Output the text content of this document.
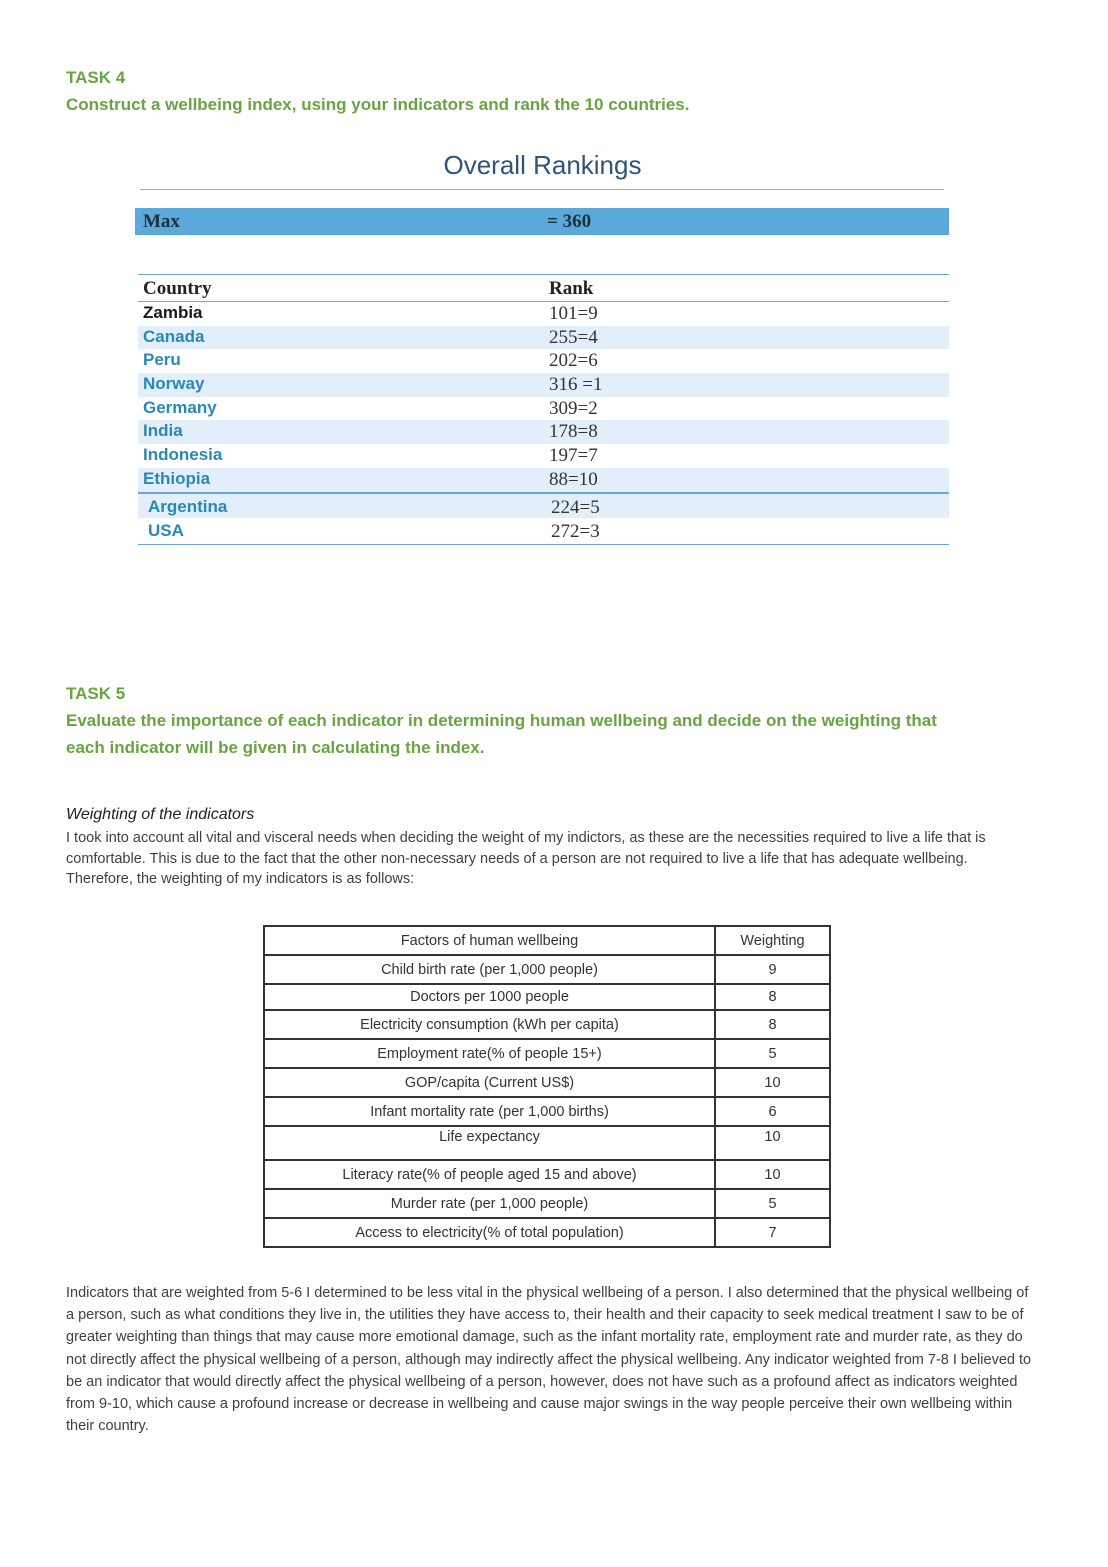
TASK 4
Construct a wellbeing index, using your indicators and rank the 10 countries.
Overall Rankings
Max	= 360
Country	Rank
Zambia	101=9
Canada	255=4
Peru	202=6
Norway	316 =1
Germany	309=2
India	178=8
Indonesia	197=7
Ethiopia	88=10
Argentina	224=5
USA	272=3
TASK 5
Evaluate the importance of each indicator in determining human wellbeing and decide on the weighting that
each indicator will be given in calculating the index.
Weighting of the indicators
I took into account all vital and visceral needs when deciding the weight of my indictors, as these are the necessities required to live a life that is comfortable. This is due to the fact that the other non-necessary needs of a person are not required to live a life that has adequate wellbeing. Therefore, the weighting of my indicators is as follows:
Factors of human wellbeing	Weighting
Child birth rate (per 1,000 people)	9
Doctors per 1000 people	8
Electricity consumption (kWh per capita)	8
Employment rate(% of people 15+)	5
GOP/capita (Current US$)	10
Infant mortality rate (per 1,000 births)	6
Life expectancy	10
Literacy rate(% of people aged 15 and above)	10
Murder rate (per 1,000 people)	5
Access to electricity(% of total population)	7
Indicators that are weighted from 5-6 I determined to be less vital in the physical wellbeing of a person. I also determined that the physical wellbeing of a person, such as what conditions they live in, the utilities they have access to, their health and their capacity to seek medical treatment I saw to be of greater weighting than things that may cause more emotional damage, such as the infant mortality rate, employment rate and murder rate, as they do not directly affect the physical wellbeing of a person, although may indirectly affect the physical wellbeing. Any indicator weighted from 7-8 I believed to be an indicator that would directly affect the physical wellbeing of a person, however, does not have such as a profound affect as indicators weighted from 9-10, which cause a profound increase or decrease in wellbeing and cause major swings in the way people perceive their own wellbeing within their country.
